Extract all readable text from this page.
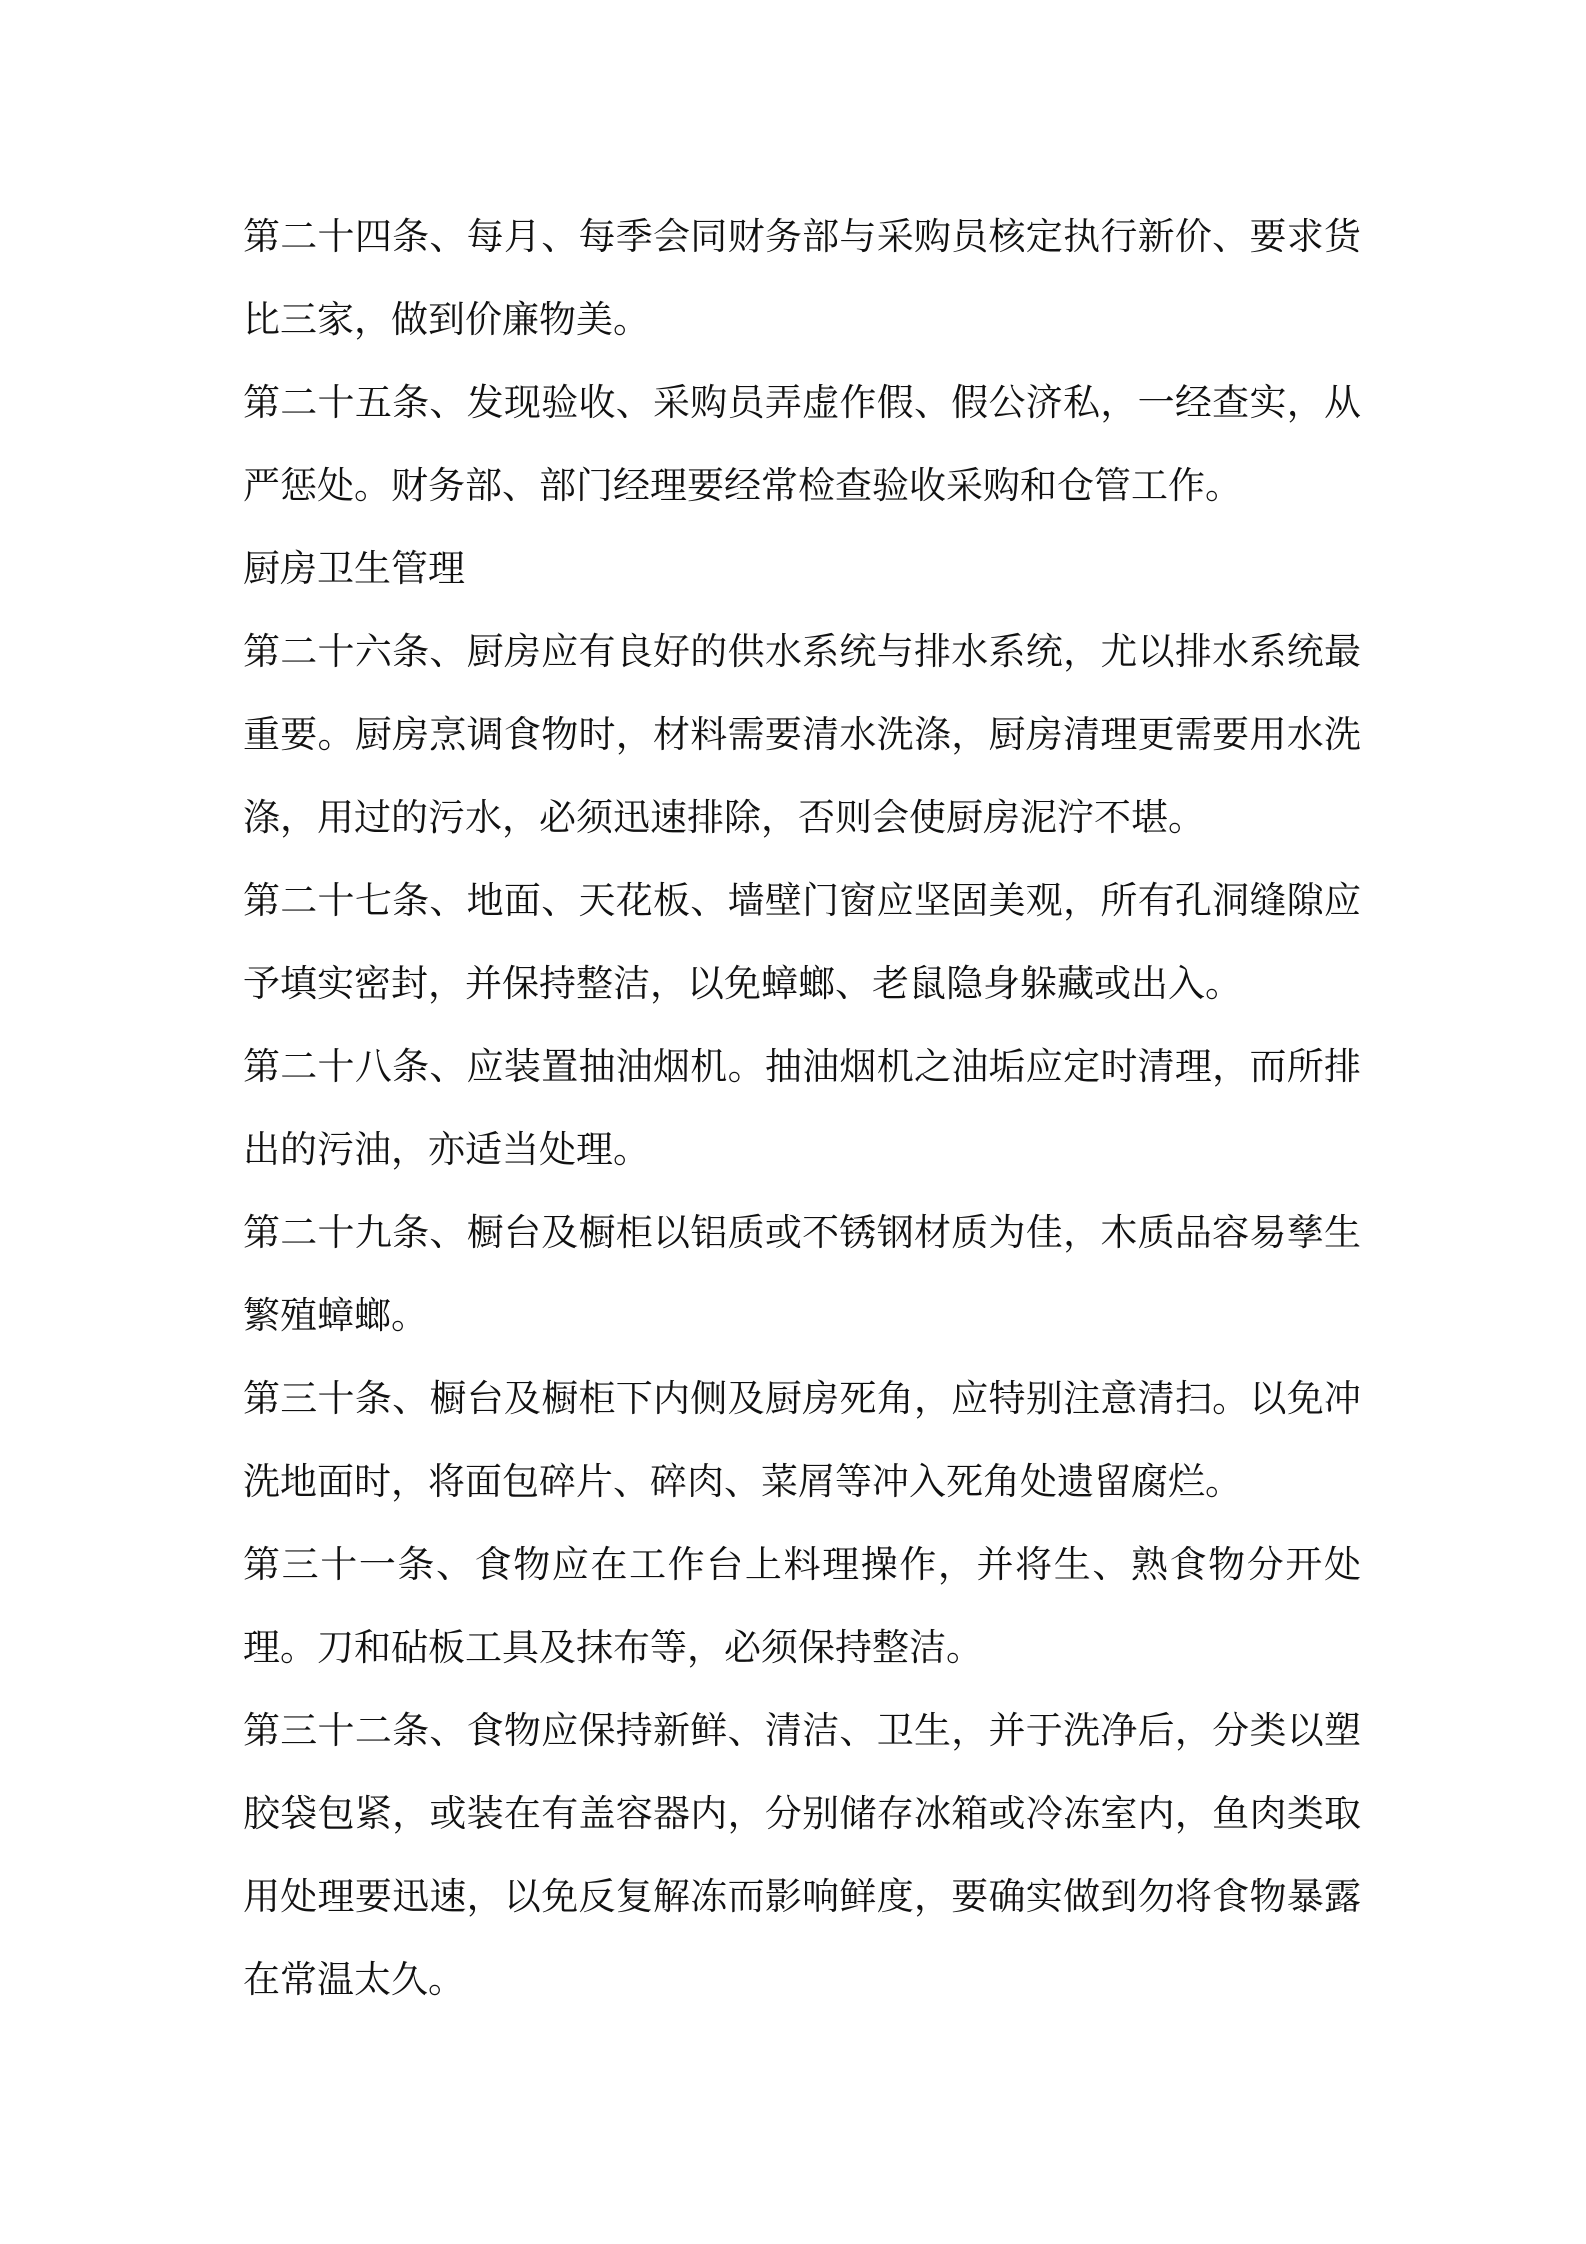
第二十四条、每月、每季会同财务部与采购员核定执行新价、要求货比三家，做到价廉物美。

第二十五条、发现验收、采购员弄虚作假、假公济私，一经查实，从严惩处。财务部、部门经理要经常检查验收采购和仓管工作。

厨房卫生管理

第二十六条、厨房应有良好的供水系统与排水系统，尤以排水系统最重要。厨房烹调食物时，材料需要清水洗涤，厨房清理更需要用水洗涤，用过的污水，必须迅速排除，否则会使厨房泥泞不堪。

第二十七条、地面、天花板、墙壁门窗应坚固美观，所有孔洞缝隙应予填实密封，并保持整洁，以免蟑螂、老鼠隐身躲藏或出入。

第二十八条、应装置抽油烟机。抽油烟机之油垢应定时清理，而所排出的污油，亦适当处理。

第二十九条、橱台及橱柜以铝质或不锈钢材质为佳，木质品容易孳生繁殖蟑螂。

第三十条、橱台及橱柜下内侧及厨房死角，应特别注意清扫。以免冲洗地面时，将面包碎片、碎肉、菜屑等冲入死角处遗留腐烂。

第三十一条、食物应在工作台上料理操作，并将生、熟食物分开处理。刀和砧板工具及抹布等，必须保持整洁。

第三十二条、食物应保持新鲜、清洁、卫生，并于洗净后，分类以塑胶袋包紧，或装在有盖容器内，分别储存冰箱或冷冻室内，鱼肉类取用处理要迅速，以免反复解冻而影响鲜度，要确实做到勿将食物暴露在常温太久。
